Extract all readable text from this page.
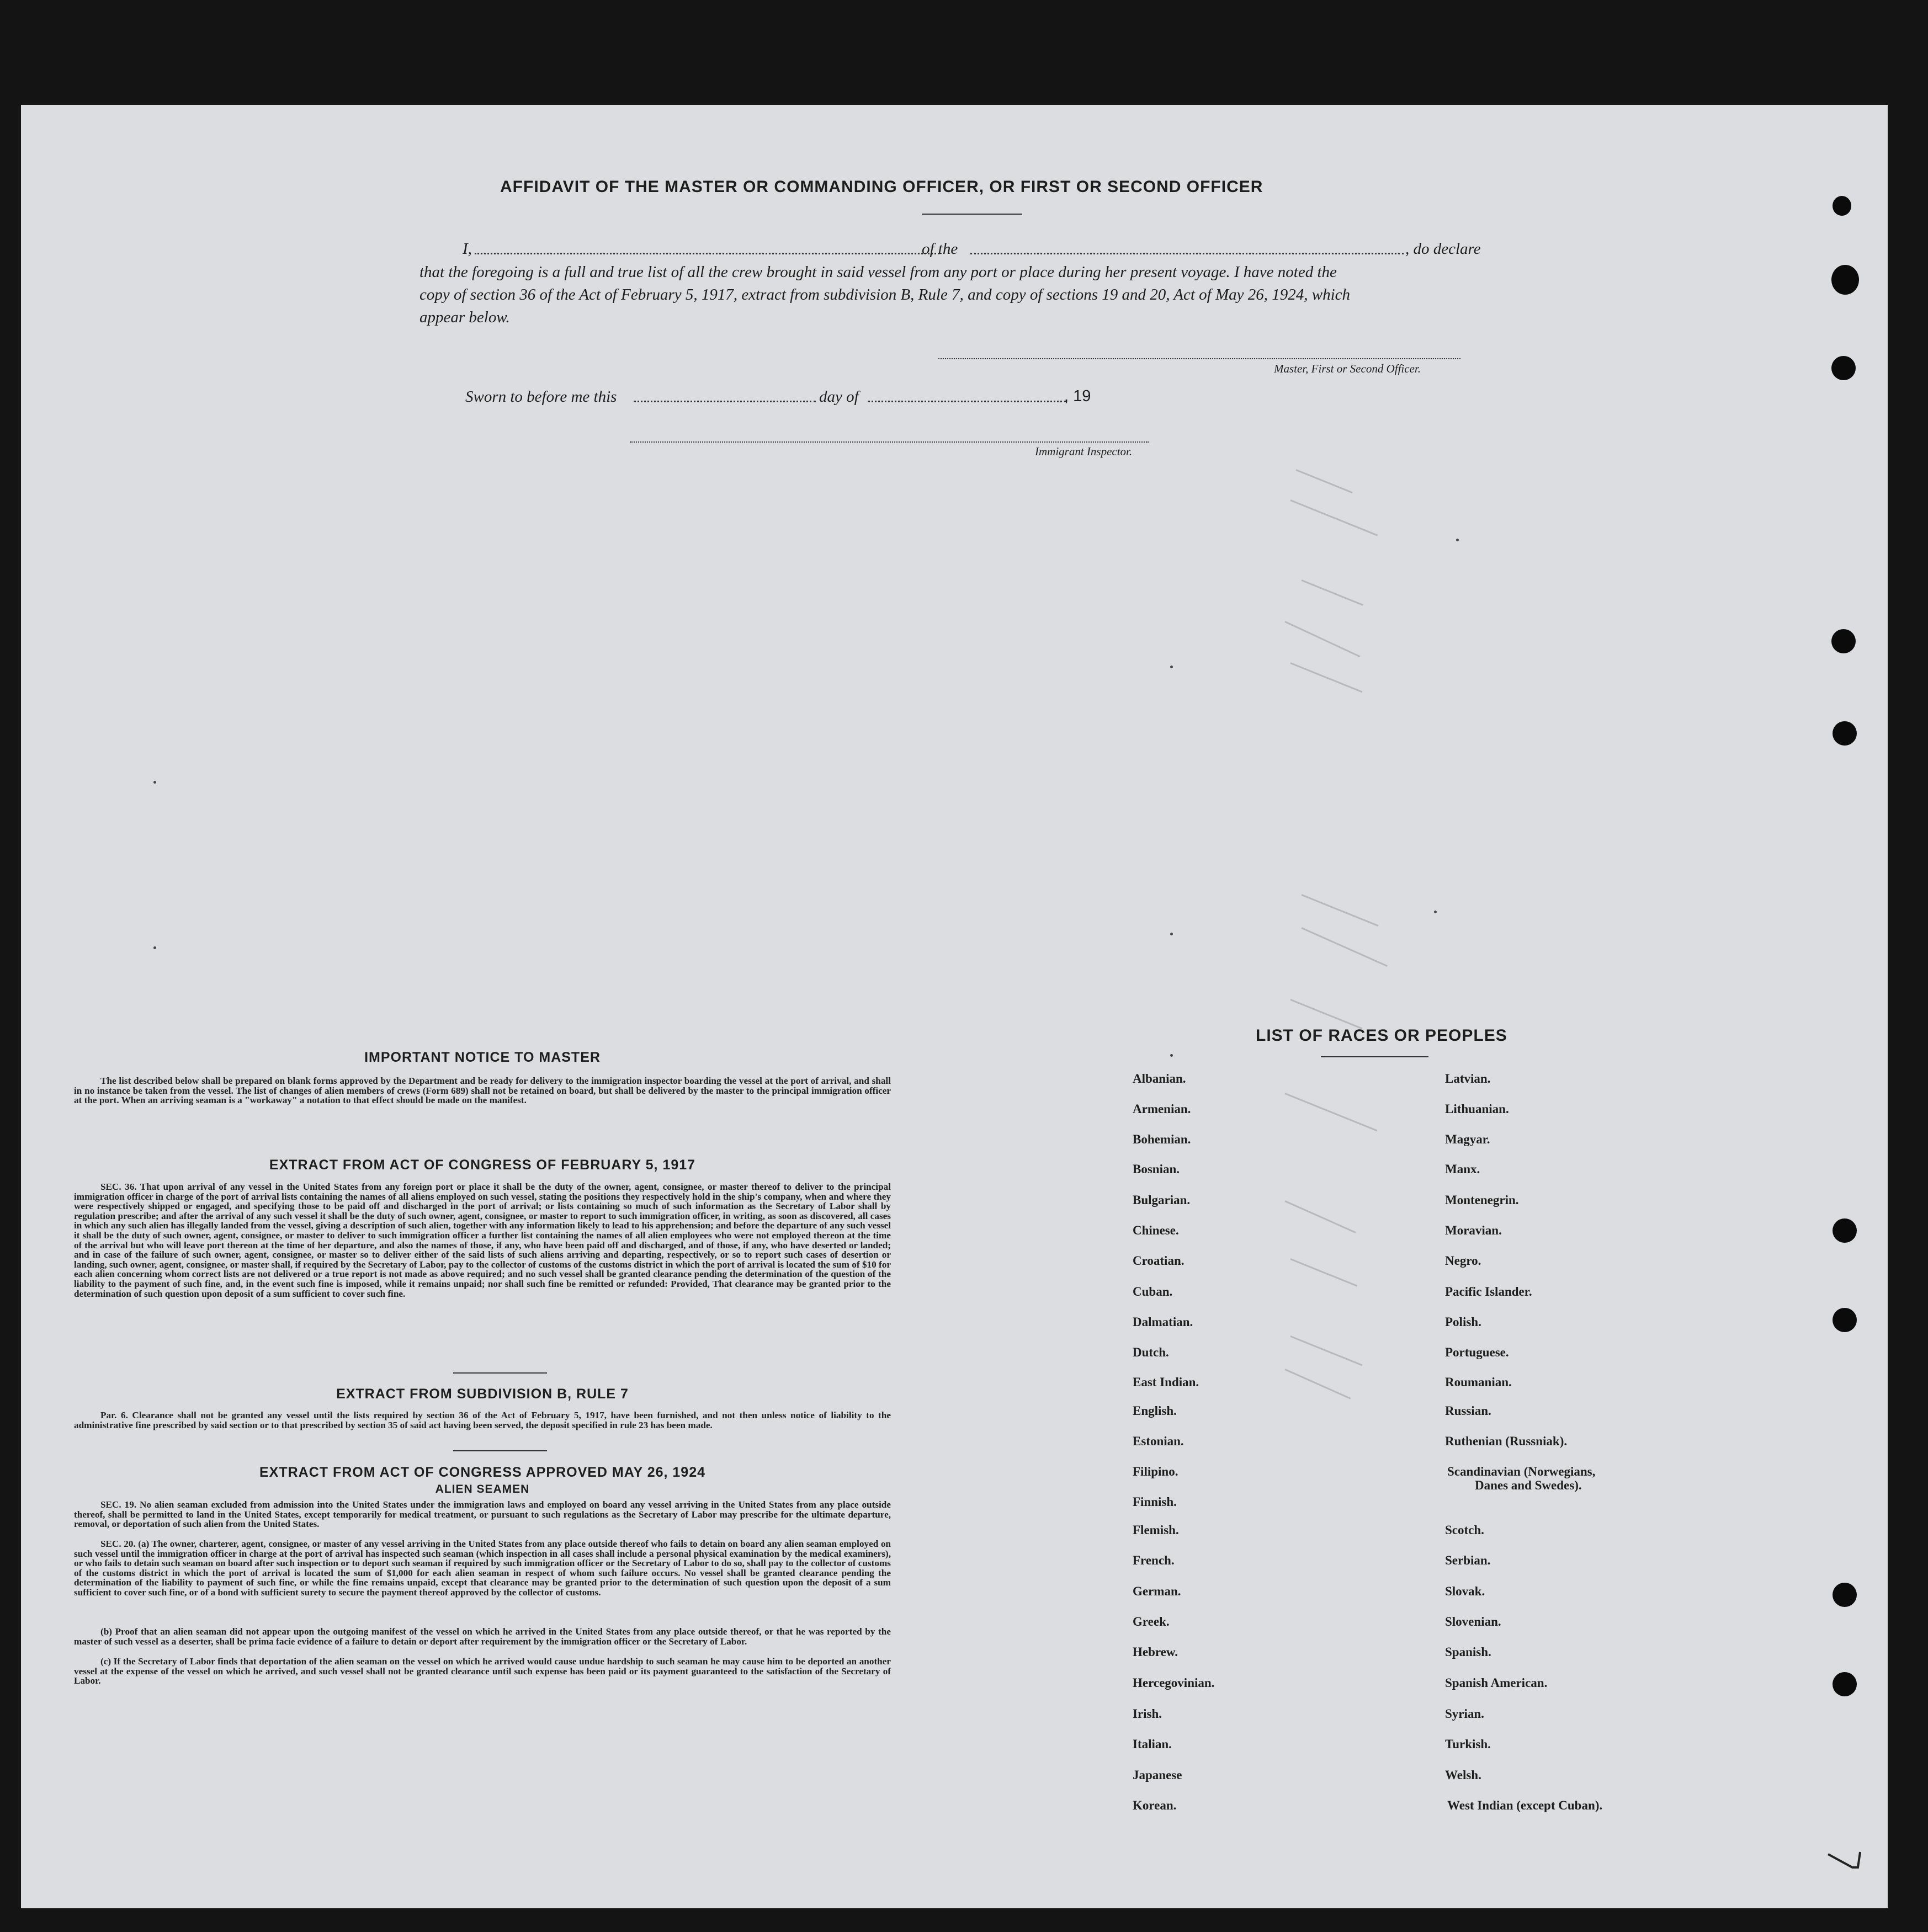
AFFIDAVIT OF THE MASTER OR COMMANDING OFFICER, OR FIRST OR SECOND OFFICER
I,	of the	, do declare
that the foregoing is a full and true list of all the crew brought in said vessel from any port or place during her present voyage. I have noted the
copy of section 36 of the Act of February 5, 1917, extract from subdivision B, Rule 7, and copy of sections 19 and 20, Act of May 26, 1924, which
appear below.
Master, First or Second Officer.
Sworn to before me this	day of	, 19
Immigrant Inspector.
IMPORTANT NOTICE TO MASTER
The list described below shall be prepared on blank forms approved by the Department and be ready for delivery to the immigration inspector boarding the vessel at the port of arrival, and shall in no instance be taken from the vessel. The list of changes of alien members of crews (Form 689) shall not be retained on board, but shall be delivered by the master to the principal immigration officer at the port. When an arriving seaman is a "workaway" a notation to that effect should be made on the manifest.
EXTRACT FROM ACT OF CONGRESS OF FEBRUARY 5, 1917
SEC. 36. That upon arrival of any vessel in the United States from any foreign port or place it shall be the duty of the owner, agent, consignee, or master thereof to deliver to the principal immigration officer in charge of the port of arrival lists containing the names of all aliens employed on such vessel, stating the positions they respectively hold in the ship's company, when and where they were respectively shipped or engaged, and specifying those to be paid off and discharged in the port of arrival; or lists containing so much of such information as the Secretary of Labor shall by regulation prescribe; and after the arrival of any such vessel it shall be the duty of such owner, agent, consignee, or master to report to such immigration officer, in writing, as soon as discovered, all cases in which any such alien has illegally landed from the vessel, giving a description of such alien, together with any information likely to lead to his apprehension; and before the departure of any such vessel it shall be the duty of such owner, agent, consignee, or master to deliver to such immigration officer a further list containing the names of all alien employees who were not employed thereon at the time of the arrival but who will leave port thereon at the time of her departure, and also the names of those, if any, who have been paid off and discharged, and of those, if any, who have deserted or landed; and in case of the failure of such owner, agent, consignee, or master so to deliver either of the said lists of such aliens arriving and departing, respectively, or so to report such cases of desertion or landing, such owner, agent, consignee, or master shall, if required by the Secretary of Labor, pay to the collector of customs of the customs district in which the port of arrival is located the sum of $10 for each alien concerning whom correct lists are not delivered or a true report is not made as above required; and no such vessel shall be granted clearance pending the determination of the question of the liability to the payment of such fine, and, in the event such fine is imposed, while it remains unpaid; nor shall such fine be remitted or refunded: Provided, That clearance may be granted prior to the determination of such question upon deposit of a sum sufficient to cover such fine.
EXTRACT FROM SUBDIVISION B, RULE 7
Par. 6. Clearance shall not be granted any vessel until the lists required by section 36 of the Act of February 5, 1917, have been furnished, and not then unless notice of liability to the administrative fine prescribed by said section or to that prescribed by section 35 of said act having been served, the deposit specified in rule 23 has been made.
EXTRACT FROM ACT OF CONGRESS APPROVED MAY 26, 1924
ALIEN SEAMEN
SEC. 19. No alien seaman excluded from admission into the United States under the immigration laws and employed on board any vessel arriving in the United States from any place outside thereof, shall be permitted to land in the United States, except temporarily for medical treatment, or pursuant to such regulations as the Secretary of Labor may prescribe for the ultimate departure, removal, or deportation of such alien from the United States.
SEC. 20. (a) The owner, charterer, agent, consignee, or master of any vessel arriving in the United States from any place outside thereof who fails to detain on board any alien seaman employed on such vessel until the immigration officer in charge at the port of arrival has inspected such seaman (which inspection in all cases shall include a personal physical examination by the medical examiners), or who fails to detain such seaman on board after such inspection or to deport such seaman if required by such immigration officer or the Secretary of Labor to do so, shall pay to the collector of customs of the customs district in which the port of arrival is located the sum of $1,000 for each alien seaman in respect of whom such failure occurs. No vessel shall be granted clearance pending the determination of the liability to payment of such fine, or while the fine remains unpaid, except that clearance may be granted prior to the determination of such question upon the deposit of a sum sufficient to cover such fine, or of a bond with sufficient surety to secure the payment thereof approved by the collector of customs.
(b) Proof that an alien seaman did not appear upon the outgoing manifest of the vessel on which he arrived in the United States from any place outside thereof, or that he was reported by the master of such vessel as a deserter, shall be prima facie evidence of a failure to detain or deport after requirement by the immigration officer or the Secretary of Labor.
(c) If the Secretary of Labor finds that deportation of the alien seaman on the vessel on which he arrived would cause undue hardship to such seaman he may cause him to be deported an another vessel at the expense of the vessel on which he arrived, and such vessel shall not be granted clearance until such expense has been paid or its payment guaranteed to the satisfaction of the Secretary of Labor.
LIST OF RACES OR PEOPLES
Albanian.
Armenian.
Bohemian.
Bosnian.
Bulgarian.
Chinese.
Croatian.
Cuban.
Dalmatian.
Dutch.
East Indian.
English.
Estonian.
Filipino.
Finnish.
Flemish.
French.
German.
Greek.
Hebrew.
Hercegovinian.
Irish.
Italian.
Japanese
Korean.
Latvian.
Lithuanian.
Magyar.
Manx.
Montenegrin.
Moravian.
Negro.
Pacific Islander.
Polish.
Portuguese.
Roumanian.
Russian.
Ruthenian (Russniak).
Scandinavian (Norwegians,
Danes and Swedes).
Scotch.
Serbian.
Slovak.
Slovenian.
Spanish.
Spanish American.
Syrian.
Turkish.
Welsh.
West Indian (except Cuban).
